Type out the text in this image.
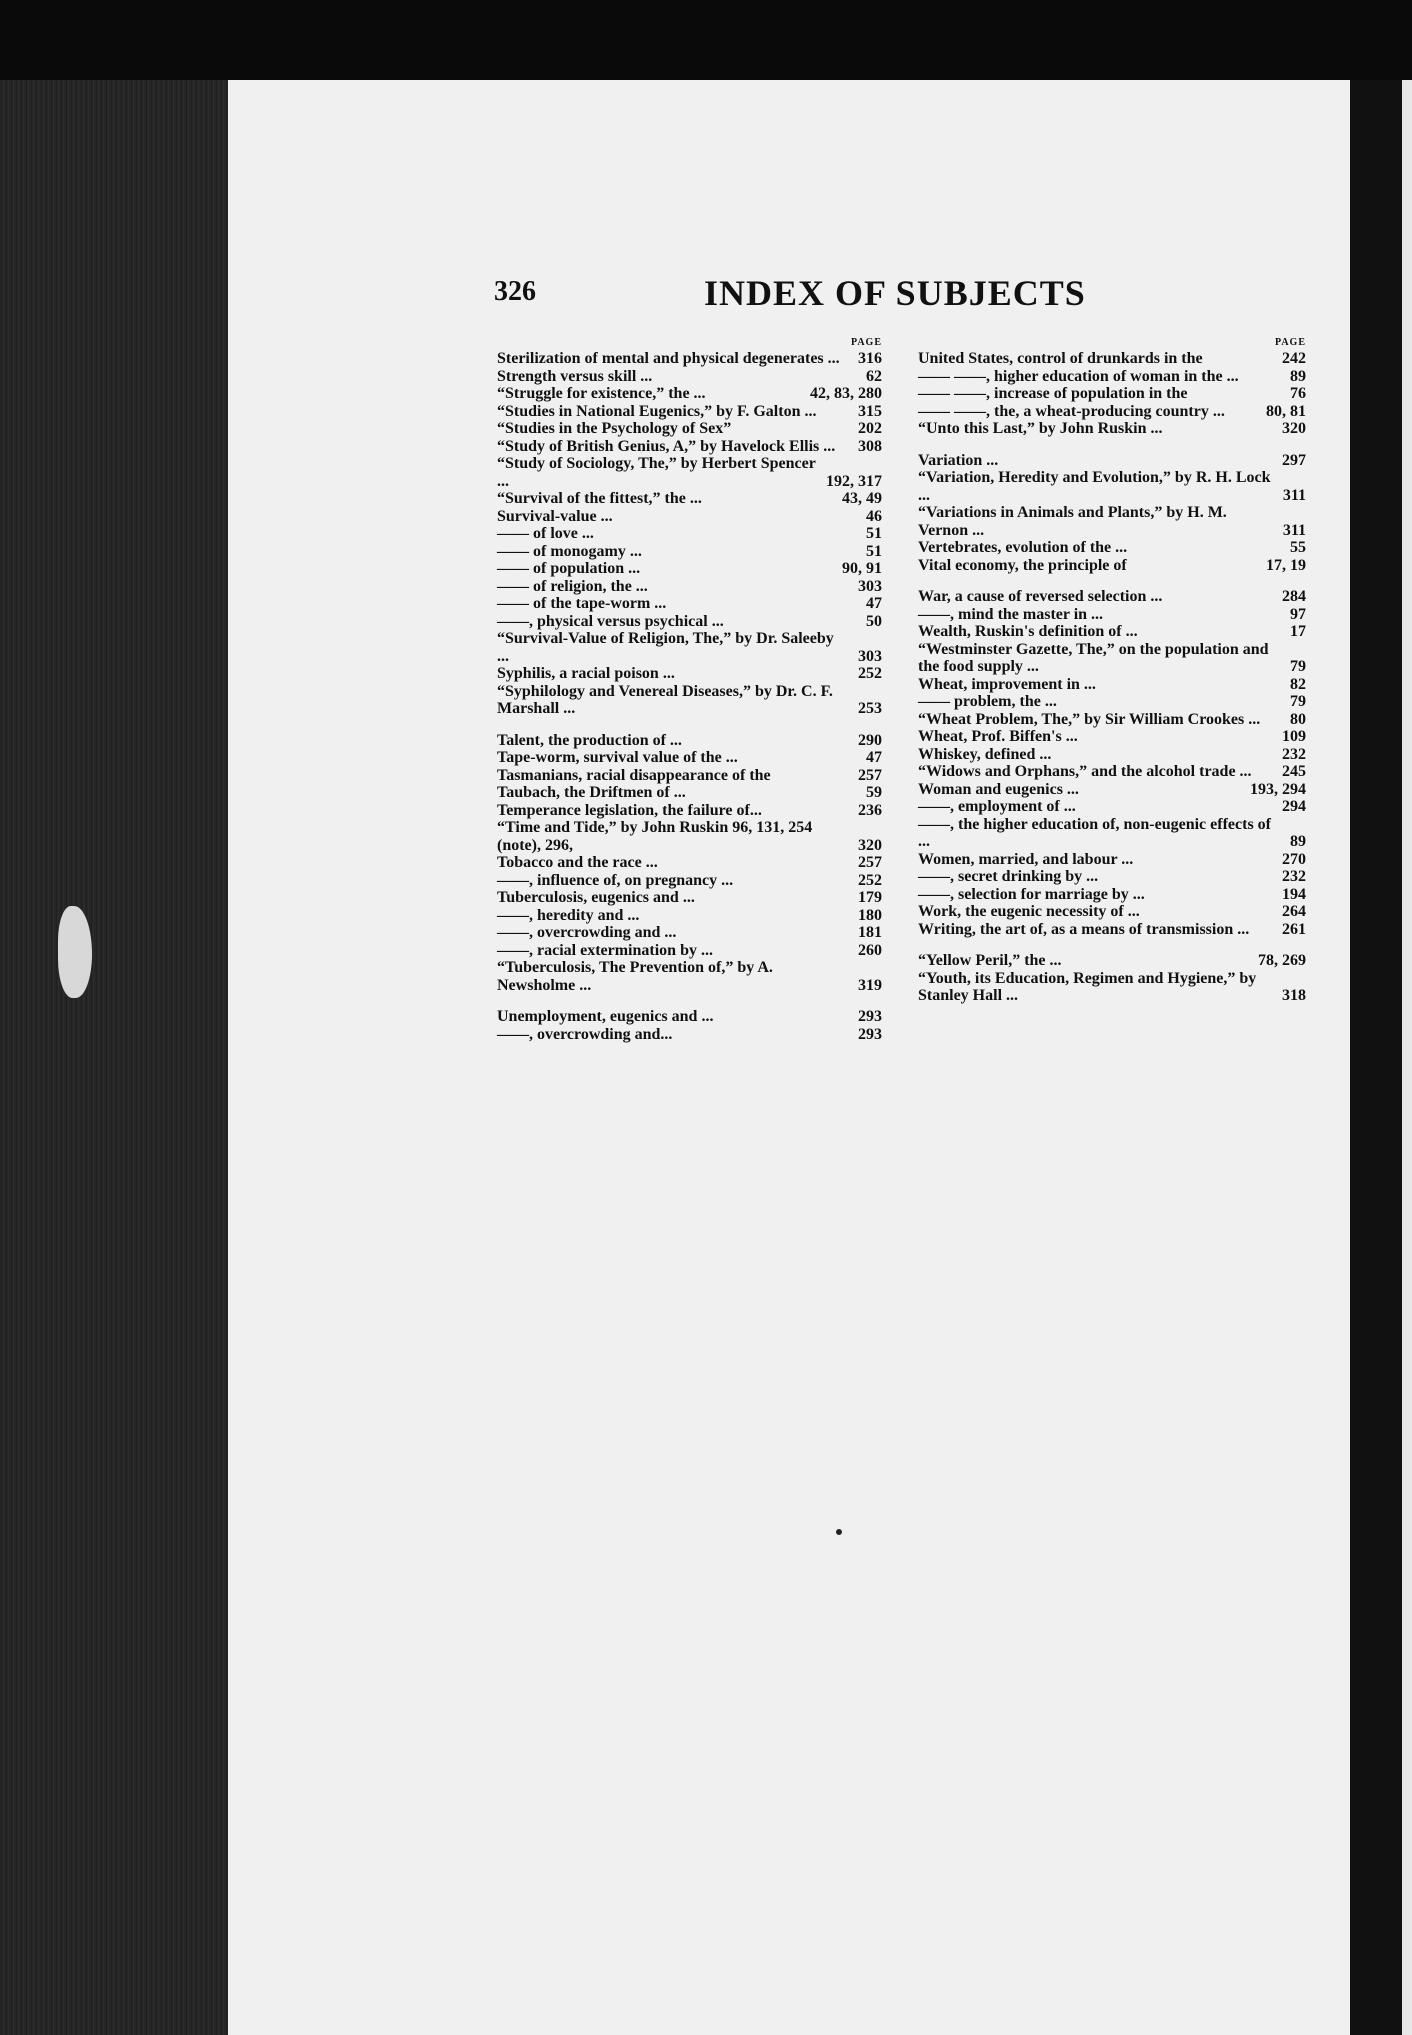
326	INDEX OF SUBJECTS
PAGE
Sterilization of mental and physical degenerates ...	316
Strength versus skill ...	62
“Struggle for existence,” the ...	42, 83, 280
“Studies in National Eugenics,” by F. Galton ...	315
“Studies in the Psychology of Sex”	202
“Study of British Genius, A,” by Havelock Ellis ...	308
“Study of Sociology, The,” by Herbert Spencer ...	192, 317
“Survival of the fittest,” the ...	43, 49
Survival-value ...	46
—— of love ...	51
—— of monogamy ...	51
—— of population ...	90, 91
—— of religion, the ...	303
—— of the tape-worm ...	47
——, physical versus psychical ...	50
“Survival-Value of Religion, The,” by Dr. Saleeby ...	303
Syphilis, a racial poison ...	252
“Syphilology and Venereal Diseases,” by Dr. C. F. Marshall ...	253
Talent, the production of ...	290
Tape-worm, survival value of the ...	47
Tasmanians, racial disappearance of the	257
Taubach, the Driftmen of ...	59
Temperance legislation, the failure of...	236
“Time and Tide,” by John Ruskin 96, 131, 254 (note), 296,	320
Tobacco and the race ...	257
——, influence of, on pregnancy ...	252
Tuberculosis, eugenics and ...	179
——, heredity and ...	180
——, overcrowding and ...	181
——, racial extermination by ...	260
“Tuberculosis, The Prevention of,” by A. Newsholme ...	319
Unemployment, eugenics and ...	293
——, overcrowding and...	293
PAGE
United States, control of drunkards in the	242
—— ——, higher education of woman in the ...	89
—— ——, increase of population in the	76
—— ——, the, a wheat-producing country ...	80, 81
“Unto this Last,” by John Ruskin ...	320
Variation ...	297
“Variation, Heredity and Evolution,” by R. H. Lock ...	311
“Variations in Animals and Plants,” by H. M. Vernon ...	311
Vertebrates, evolution of the ...	55
Vital economy, the principle of	17, 19
War, a cause of reversed selection ...	284
——, mind the master in ...	97
Wealth, Ruskin's definition of ...	17
“Westminster Gazette, The,” on the population and the food supply ...	79
Wheat, improvement in ...	82
—— problem, the ...	79
“Wheat Problem, The,” by Sir William Crookes ...	80
Wheat, Prof. Biffen's ...	109
Whiskey, defined ...	232
“Widows and Orphans,” and the alcohol trade ...	245
Woman and eugenics ...	193, 294
——, employment of ...	294
——, the higher education of, non-eugenic effects of ...	89
Women, married, and labour ...	270
——, secret drinking by ...	232
——, selection for marriage by ...	194
Work, the eugenic necessity of ...	264
Writing, the art of, as a means of transmission ...	261
“Yellow Peril,” the ...	78, 269
“Youth, its Education, Regimen and Hygiene,” by Stanley Hall ...	318
